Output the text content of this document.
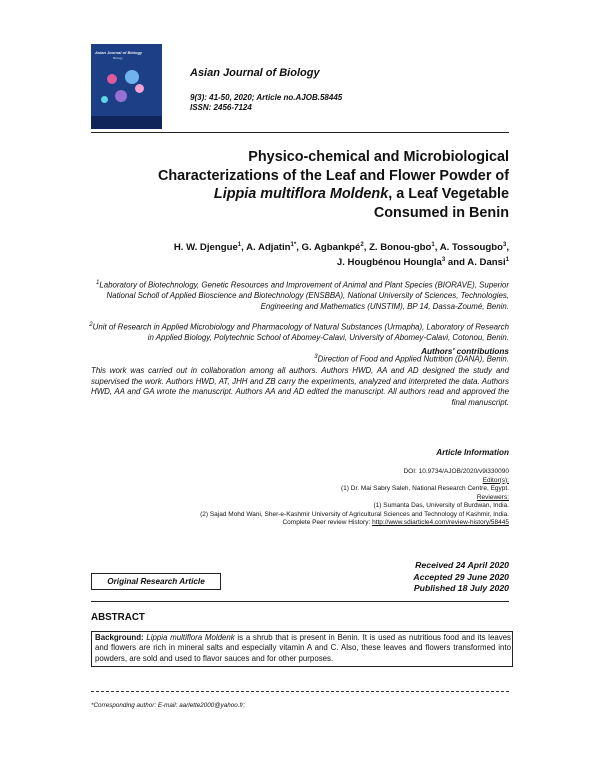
Asian Journal of Biology
Biology
Asian Journal of Biology
9(3): 41-50, 2020; Article no.AJOB.58445
ISSN: 2456-7124
Physico-chemical and Microbiological
Characterizations of the Leaf and Flower Powder of
Lippia multiflora Moldenk, a Leaf Vegetable
Consumed in Benin
H. W. Djengue$^1$, A. Adjatin$^{1*}$, G. Agbankpé$^2$, Z. Bonou-gbo$^1$, A. Tossougbo$^3$,
J. Hougbénou Houngla$^3$ and A. Dansi$^1$
$^1$Laboratory of Biotechnology, Genetic Resources and Improvement of Animal and Plant Species (BIORAVE), Superior National Scholl of Applied Bioscience and Biotechnology (ENSBBA), National University of Sciences, Technologies, Engineering and Mathematics (UNSTIM), BP 14, Dassa-Zoumé, Benin.
$^2$Unit of Research in Applied Microbiology and Pharmacology of Natural Substances (Urmapha), Laboratory of Research in Applied Biology, Polytechnic School of Abomey-Calavi, University of Abomey-Calavi, Cotonou, Benin.
$^3$Direction of Food and Applied Nutrition (DANA), Benin.
Authors' contributions
This work was carried out in collaboration among all authors. Authors HWD, AA and AD designed the study and supervised the work. Authors HWD, AT, JHH and ZB carry the experiments, analyzed and interpreted the data. Authors HWD, AA and GA wrote the manuscript. Authors AA and AD edited the manuscript. All authors read and approved the final manuscript.
Article Information
DOI: 10.9734/AJOB/2020/v9i330090
Editor(s):
(1) Dr. Mai Sabry Saleh, National Research Centre, Egypt.
Reviewers:
(1) Sumanta Das, University of Burdwan, India.
(2) Sajad Mohd Wani, Sher-e-Kashmir University of Agricultural Sciences and Technology of Kashmir, India.
Complete Peer review History: http://www.sdiarticle4.com/review-history/58445
Received 24 April 2020
Accepted 29 June 2020
Published 18 July 2020
Original Research Article
ABSTRACT
Background: Lippia multiflora Moldenk is a shrub that is present in Benin. It is used as nutritious food and its leaves and flowers are rich in mineral salts and especially vitamin A and C. Also, these leaves and flowers transformed into powders, are sold and used to flavor sauces and for other purposes.
*Corresponding author: E-mail: aarlette2000@yahoo.fr;
